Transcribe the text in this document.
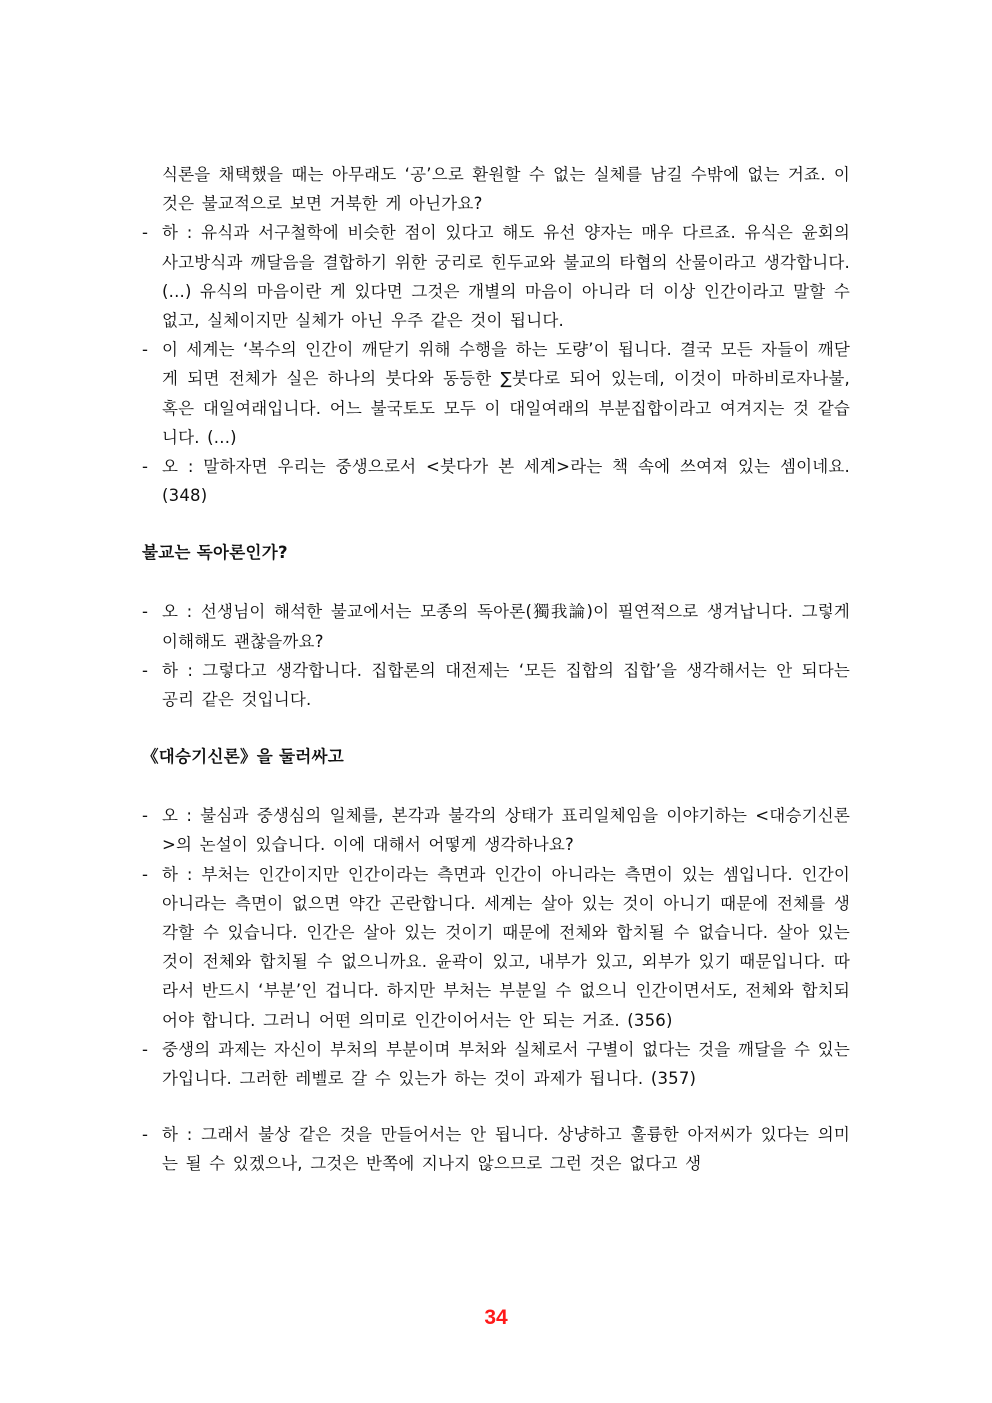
식론을 채택했을 때는 아무래도 ‘공’으로 환원할 수 없는 실체를 남길 수밖에 없는 거죠. 이것은 불교적으로 보면 거북한 게 아닌가요?

- 하 : 유식과 서구철학에 비슷한 점이 있다고 해도 유선 양자는 매우 다르죠. 유식은 윤회의 사고방식과 깨달음을 결합하기 위한 궁리로 힌두교와 불교의 타협의 산물이라고 생각합니다. (...) 유식의 마음이란 게 있다면 그것은 개별의 마음이 아니라 더 이상 인간이라고 말할 수 없고, 실체이지만 실체가 아닌 우주 같은 것이 됩니다.

- 이 세계는 ‘복수의 인간이 깨닫기 위해 수행을 하는 도량’이 됩니다. 결국 모든 자들이 깨닫게 되면 전체가 실은 하나의 붓다와 동등한 ∑붓다로 되어 있는데, 이것이 마하비로자나불, 혹은 대일여래입니다. 어느 불국토도 모두 이 대일여래의 부분집합이라고 여겨지는 것 같습니다. (...)

- 오 : 말하자면 우리는 중생으로서 <붓다가 본 세계>라는 책 속에 쓰여져 있는 셈이네요. (348)

불교는 독아론인가?

- 오 : 선생님이 해석한 불교에서는 모종의 독아론(獨我論)이 필연적으로 생겨납니다. 그렇게 이해해도 괜찮을까요?

- 하 : 그렇다고 생각합니다. 집합론의 대전제는 ‘모든 집합의 집합’을 생각해서는 안 되다는 공리 같은 것입니다.

《대승기신론》을 둘러싸고

- 오 : 불심과 중생심의 일체를, 본각과 불각의 상태가 표리일체임을 이야기하는 <대승기신론>의 논설이 있습니다. 이에 대해서 어떻게 생각하나요?

- 하 : 부처는 인간이지만 인간이라는 측면과 인간이 아니라는 측면이 있는 셈입니다. 인간이 아니라는 측면이 없으면 약간 곤란합니다. 세계는 살아 있는 것이 아니기 때문에 전체를 생각할 수 있습니다. 인간은 살아 있는 것이기 때문에 전체와 합치될 수 없습니다. 살아 있는 것이 전체와 합치될 수 없으니까요. 윤곽이 있고, 내부가 있고, 외부가 있기 때문입니다. 따라서 반드시 ‘부분’인 겁니다. 하지만 부처는 부분일 수 없으니 인간이면서도, 전체와 합치되어야 합니다. 그러니 어떤 의미로 인간이어서는 안 되는 거죠. (356)

- 중생의 과제는 자신이 부처의 부분이며 부처와 실체로서 구별이 없다는 것을 깨달을 수 있는가입니다. 그러한 레벨로 갈 수 있는가 하는 것이 과제가 됩니다. (357)

- 하 : 그래서 불상 같은 것을 만들어서는 안 됩니다. 상냥하고 훌륭한 아저씨가 있다는 의미는 될 수 있겠으나, 그것은 반쪽에 지나지 않으므로 그런 것은 없다고 생

34
